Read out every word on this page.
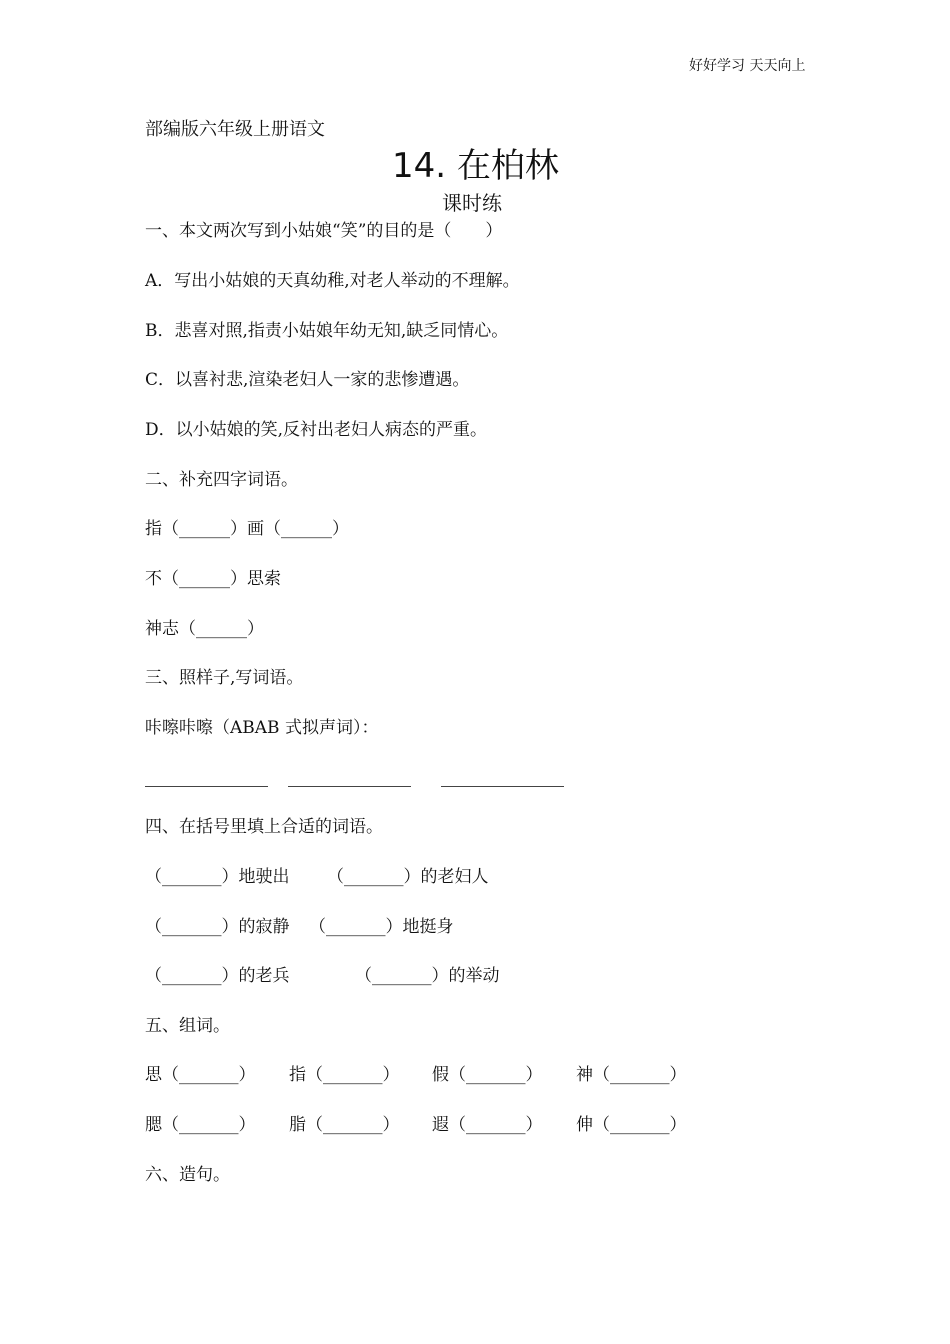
好好学习 天天向上
部编版六年级上册语文
14. 在柏林
课时练
一、本文两次写到小姑娘“笑”的目的是（　　）
A．写出小姑娘的天真幼稚,对老人举动的不理解。
B．悲喜对照,指责小姑娘年幼无知,缺乏同情心。
C．以喜衬悲,渲染老妇人一家的悲惨遭遇。
D．以小姑娘的笑,反衬出老妇人病态的严重。
二、补充四字词语。
指（______）画（______）
不（______）思索
神志（______）
三、照样子,写词语。
咔嚓咔嚓（ABAB 式拟声词）：
四、在括号里填上合适的词语。
（_______）地驶出 （_______）的老妇人
（_______）的寂静 （_______）地挺身
（_______）的老兵	（_______）的举动
五、组词。
思（_______） 指（_______） 假（_______） 神（_______）
腮（_______） 脂（_______） 遐（_______） 伸（_______）
六、造句。
